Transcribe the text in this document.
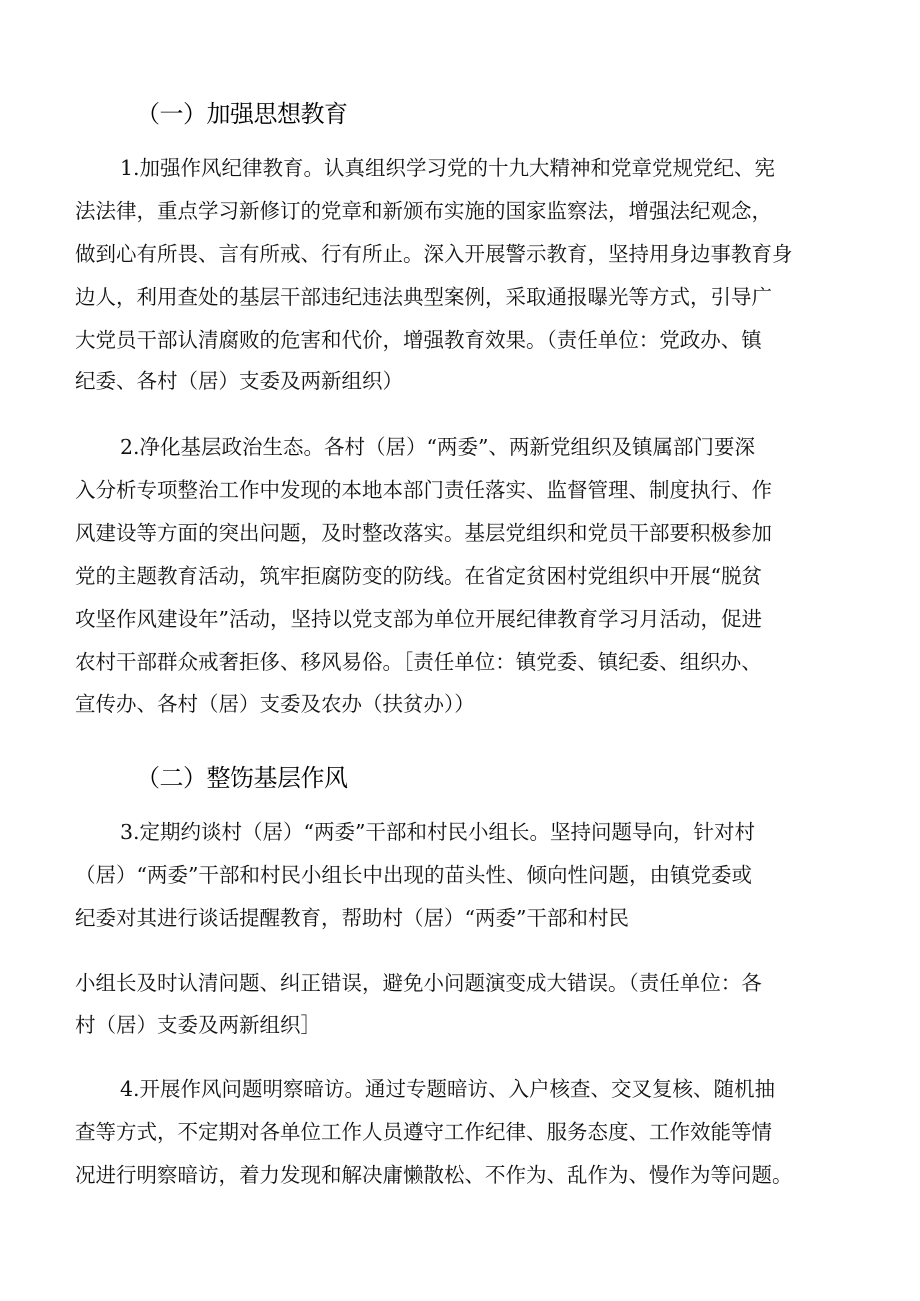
（一）加强思想教育

1.加强作风纪律教育。认真组织学习党的十九大精神和党章党规党纪、宪

法法律，重点学习新修订的党章和新颁布实施的国家监察法，增强法纪观念，

做到心有所畏、言有所戒、行有所止。深入开展警示教育，坚持用身边事教育身

边人，利用查处的基层干部违纪违法典型案例，采取通报曝光等方式，引导广

大党员干部认清腐败的危害和代价，增强教育效果。（责任单位：党政办、镇

纪委、各村（居）支委及两新组织）

2.净化基层政治生态。各村（居）“两委”、两新党组织及镇属部门要深

入分析专项整治工作中发现的本地本部门责任落实、监督管理、制度执行、作

风建设等方面的突出问题，及时整改落实。基层党组织和党员干部要积极参加

党的主题教育活动，筑牢拒腐防变的防线。在省定贫困村党组织中开展“脱贫

攻坚作风建设年”活动，坚持以党支部为单位开展纪律教育学习月活动，促进

农村干部群众戒奢拒侈、移风易俗。［责任单位：镇党委、镇纪委、组织办、

宣传办、各村（居）支委及农办（扶贫办））

（二）整饬基层作风

3.定期约谈村（居）“两委”干部和村民小组长。坚持问题导向，针对村

（居）“两委”干部和村民小组长中出现的苗头性、倾向性问题，由镇党委或

纪委对其进行谈话提醒教育，帮助村（居）“两委”干部和村民

小组长及时认清问题、纠正错误，避免小问题演变成大错误。（责任单位：各

村（居）支委及两新组织］

4.开展作风问题明察暗访。通过专题暗访、入户核查、交叉复核、随机抽

查等方式，不定期对各单位工作人员遵守工作纪律、服务态度、工作效能等情

况进行明察暗访，着力发现和解决庸懒散松、不作为、乱作为、慢作为等问题。
